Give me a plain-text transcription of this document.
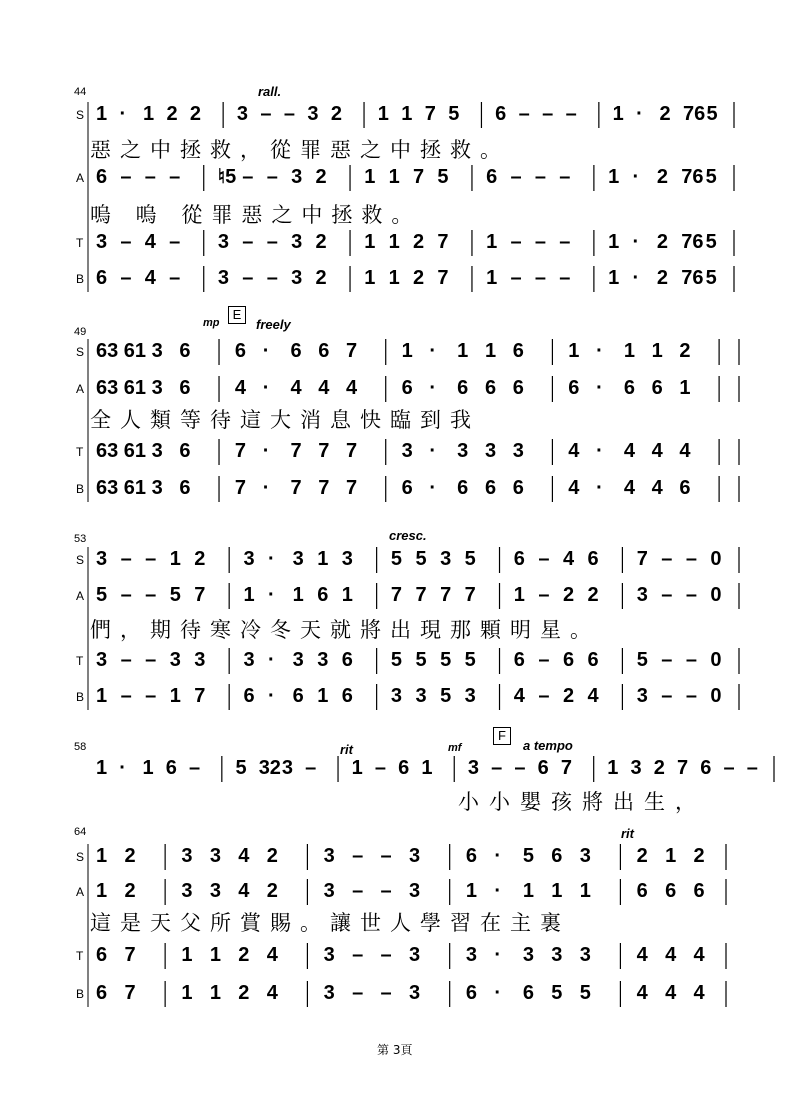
44	rall.
S 1 · 1 2 2 3 – – 3 2 1 1 7 5 6 – – – 1 · 2 76 5
A 6 – – – ♮5 – – 3 2 1 1 7 5 6 – – – 1 · 2 76 5
T 3 – 4 – 3 – – 3 2 1 1 2 7 1 – – – 1 · 2 76 5
B 6 – 4 – 3 – – 3 2 1 1 2 7 1 – – – 1 · 2 76 5
惡之中拯救，從罪惡之中拯救。
嗚 嗚 從罪惡之中拯救。
49
mp
E
freely
S 63 61 3 6 6 · 6 6 7 1 · 1 1 6 1 · 1 1 2
A 63 61 3 6 4 · 4 4 4 6 · 6 6 6 6 · 6 6 1
T 63 61 3 6 7 · 7 7 7 3 · 3 3 3 4 · 4 4 4
B 63 61 3 6 7 · 7 7 7 6 · 6 6 6 4 · 4 4 6
全人類等待這大消息快臨到我
53	cresc.
S 3 – – 1 2 3 · 3 1 3 5 5 3 5 6 – 4 6 7 – – 0
A 5 – – 5 7 1 · 1 6 1 7 7 7 7 1 – 2 2 3 – – 0
T 3 – – 3 3 3 · 3 3 6 5 5 5 5 6 – 6 6 5 – – 0
B 1 – – 1 7 6 · 6 1 6 3 3 5 3 4 – 2 4 3 – – 0
們，期待寒冷冬天就將出現那顆明星。
58	rit	mf
F
a tempo
1 · 1 6 – 5 32 3 – 1 – 6 1 3 – – 6 7 1 3 2 7 6 – –
小小嬰孩將出生，
64	rit
S 1 2 3 3 4 2 3 – – 3 6 · 5 6 3 2 1 2
A 1 2 3 3 4 2 3 – – 3 1 · 1 1 1 6 6 6
T 6 7 1 1 2 4 3 – – 3 3 · 3 3 3 4 4 4
B 6 7 1 1 2 4 3 – – 3 6 · 6 5 5 4 4 4
這是天父所賞賜。讓世人學習在主裏
第 3頁
